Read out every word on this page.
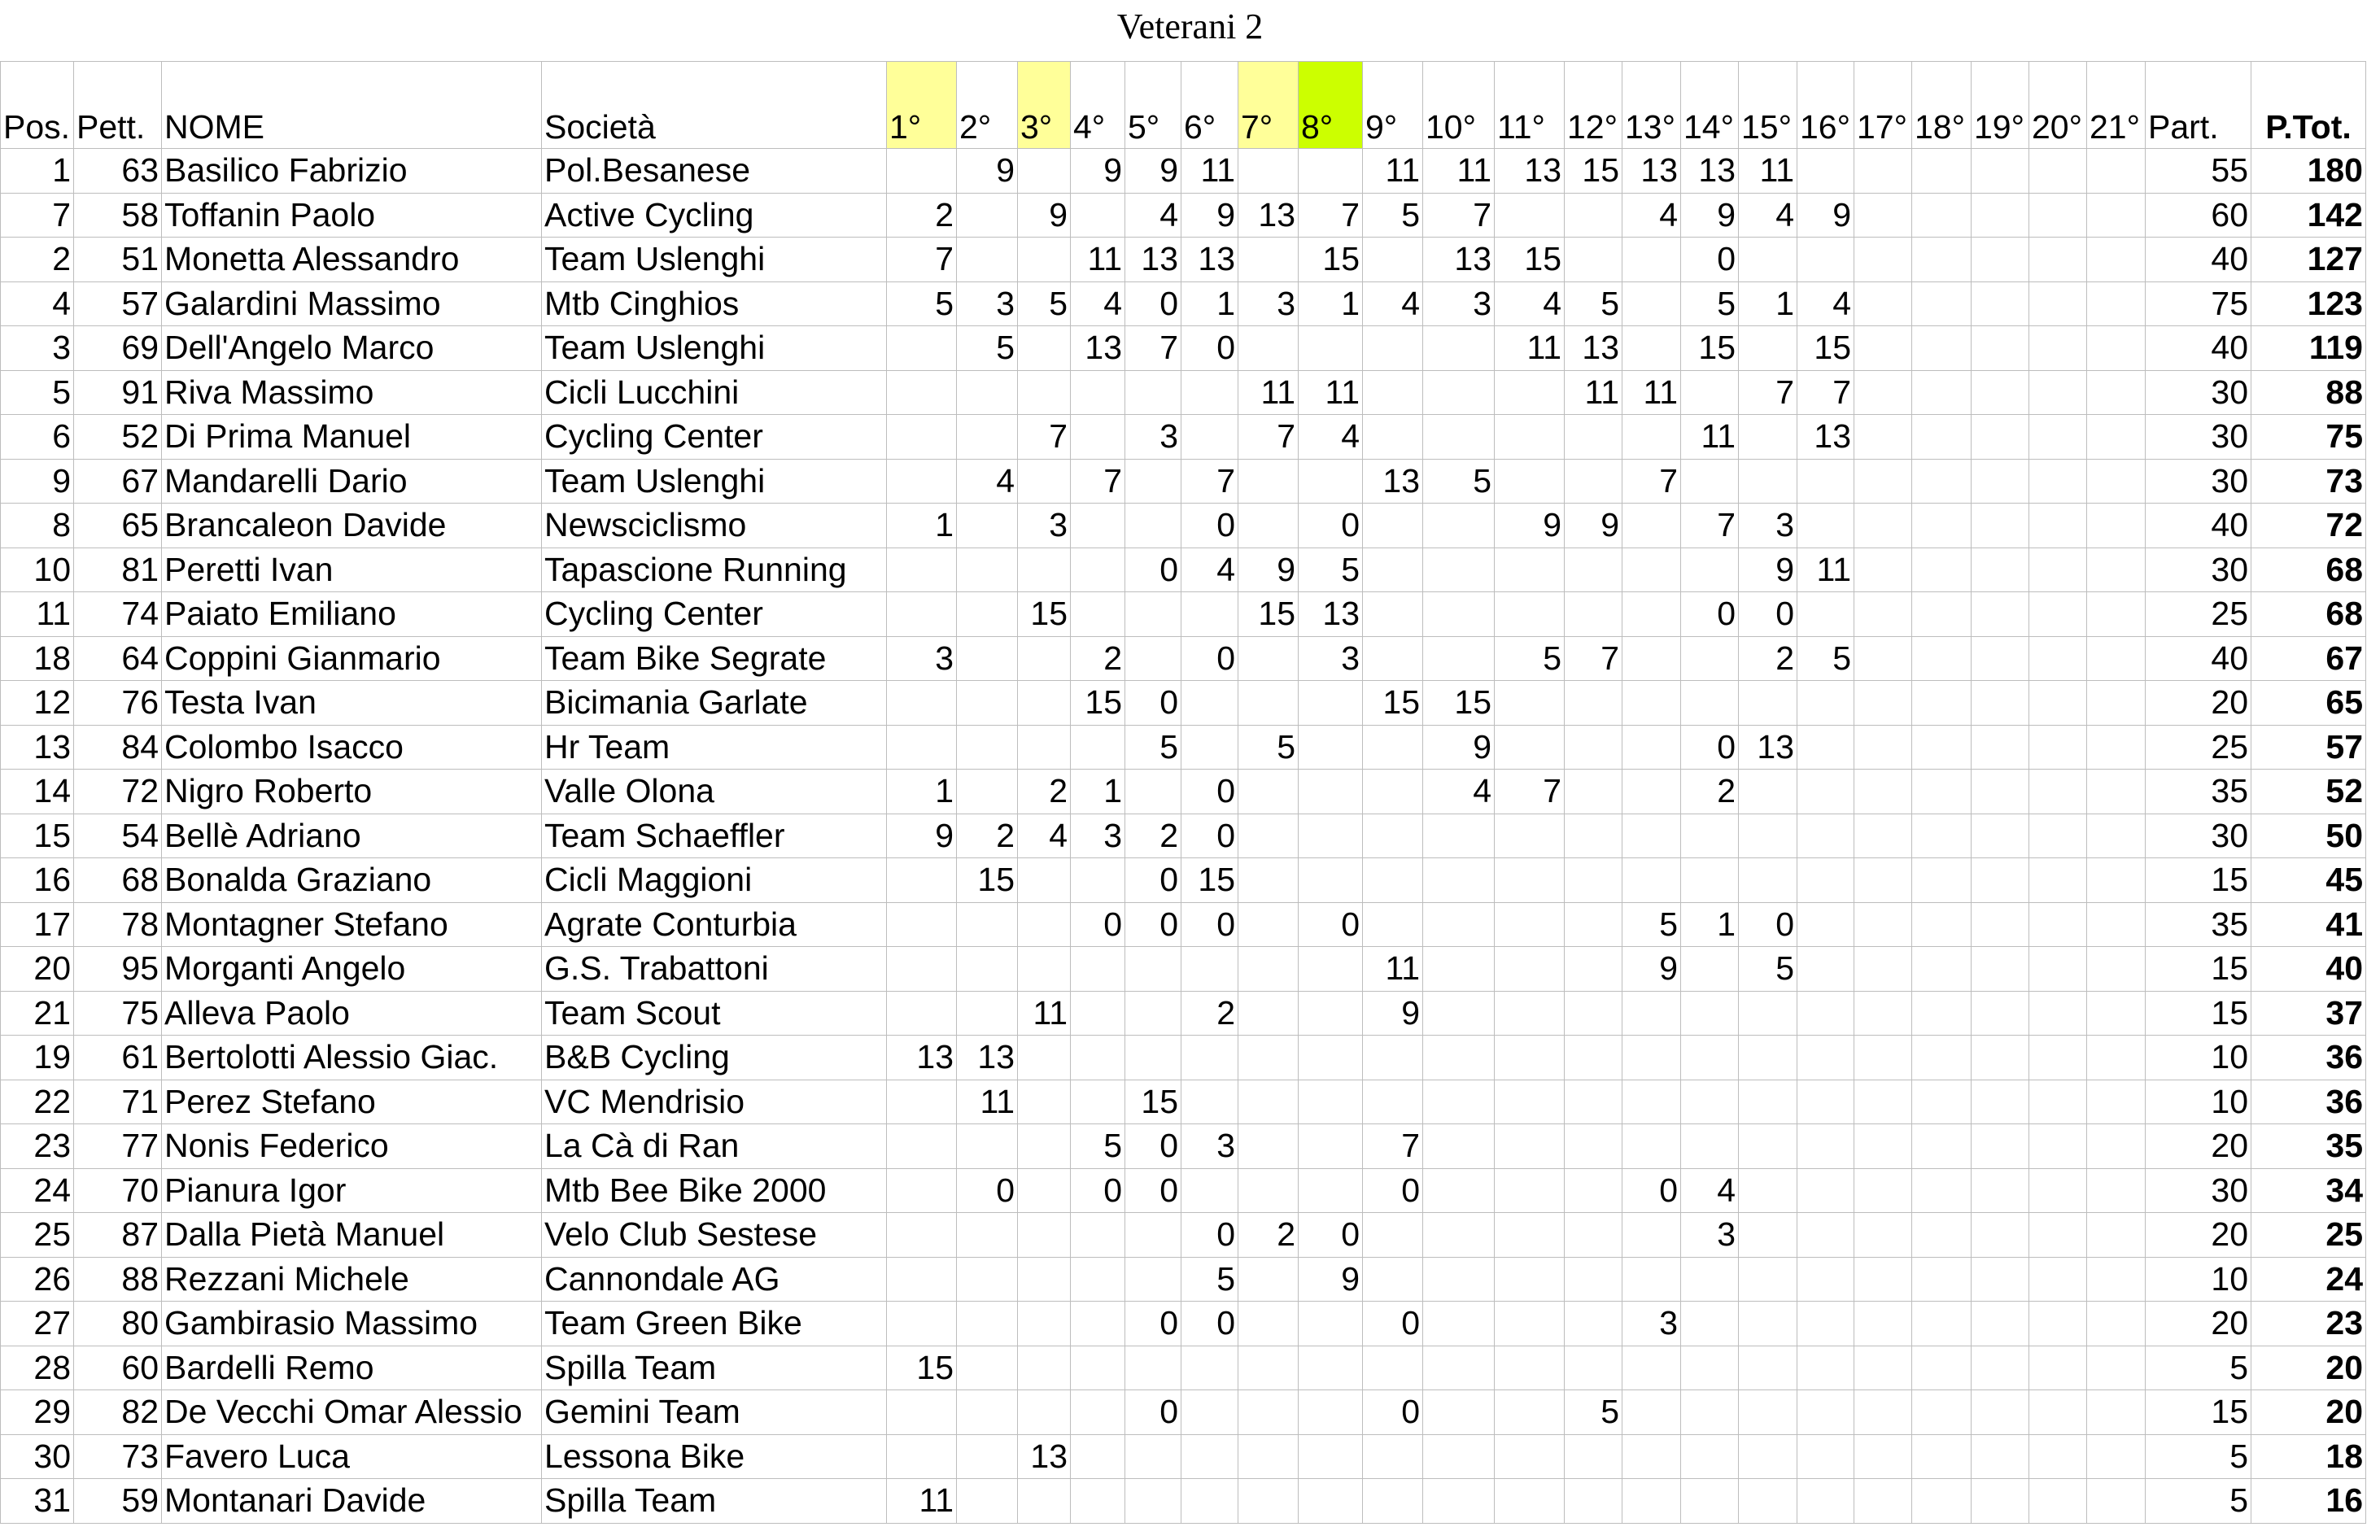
Veterani 2
Pos.	Pett.	NOME	Società	1°	2°	3°	4°	5°	6°	7°	8°	9°	10°	11°	12°	13°	14°	15°	16°	17°	18°	19°	20°	21°	Part.	P.Tot.
1	63	Basilico Fabrizio	Pol.Besanese		9		9	9	11			11	11	13	15	13	13	11							55	180
7	58	Toffanin Paolo	Active Cycling	2		9		4	9	13	7	5	7			4	9	4	9						60	142
2	51	Monetta Alessandro	Team Uslenghi	7			11	13	13		15		13	15			0								40	127
4	57	Galardini Massimo	Mtb Cinghios	5	3	5	4	0	1	3	1	4	3	4	5		5	1	4						75	123
3	69	Dell'Angelo Marco	Team Uslenghi		5		13	7	0					11	13		15		15						40	119
5	91	Riva Massimo	Cicli Lucchini							11	11				11	11		7	7						30	88
6	52	Di Prima Manuel	Cycling Center			7		3		7	4						11		13						30	75
9	67	Mandarelli Dario	Team Uslenghi		4		7		7			13	5			7									30	73
8	65	Brancaleon Davide	Newsciclismo	1		3			0		0			9	9		7	3							40	72
10	81	Peretti Ivan	Tapascione Running					0	4	9	5							9	11						30	68
11	74	Paiato Emiliano	Cycling Center			15				15	13						0	0							25	68
18	64	Coppini Gianmario	Team Bike Segrate	3			2		0		3			5	7			2	5						40	67
12	76	Testa Ivan	Bicimania Garlate				15	0				15	15												20	65
13	84	Colombo Isacco	Hr Team					5		5			9				0	13							25	57
14	72	Nigro Roberto	Valle Olona	1		2	1		0				4	7			2								35	52
15	54	Bellè Adriano	Team Schaeffler	9	2	4	3	2	0																30	50
16	68	Bonalda Graziano	Cicli Maggioni		15			0	15																15	45
17	78	Montagner Stefano	Agrate Conturbia				0	0	0		0					5	1	0							35	41
20	95	Morganti Angelo	G.S. Trabattoni									11				9		5							15	40
21	75	Alleva Paolo	Team Scout			11			2			9													15	37
19	61	Bertolotti Alessio Giac.	B&B Cycling	13	13																				10	36
22	71	Perez Stefano	VC Mendrisio		11			15																	10	36
23	77	Nonis Federico	La Cà di Ran				5	0	3			7													20	35
24	70	Pianura Igor	Mtb Bee Bike 2000		0		0	0				0				0	4								30	34
25	87	Dalla Pietà Manuel	Velo Club Sestese						0	2	0						3								20	25
26	88	Rezzani Michele	Cannondale AG						5		9														10	24
27	80	Gambirasio Massimo	Team Green Bike					0	0			0				3									20	23
28	60	Bardelli Remo	Spilla Team	15																					5	20
29	82	De Vecchi Omar Alessio	Gemini Team					0				0			5										15	20
30	73	Favero Luca	Lessona Bike			13																			5	18
31	59	Montanari Davide	Spilla Team	11																					5	16
